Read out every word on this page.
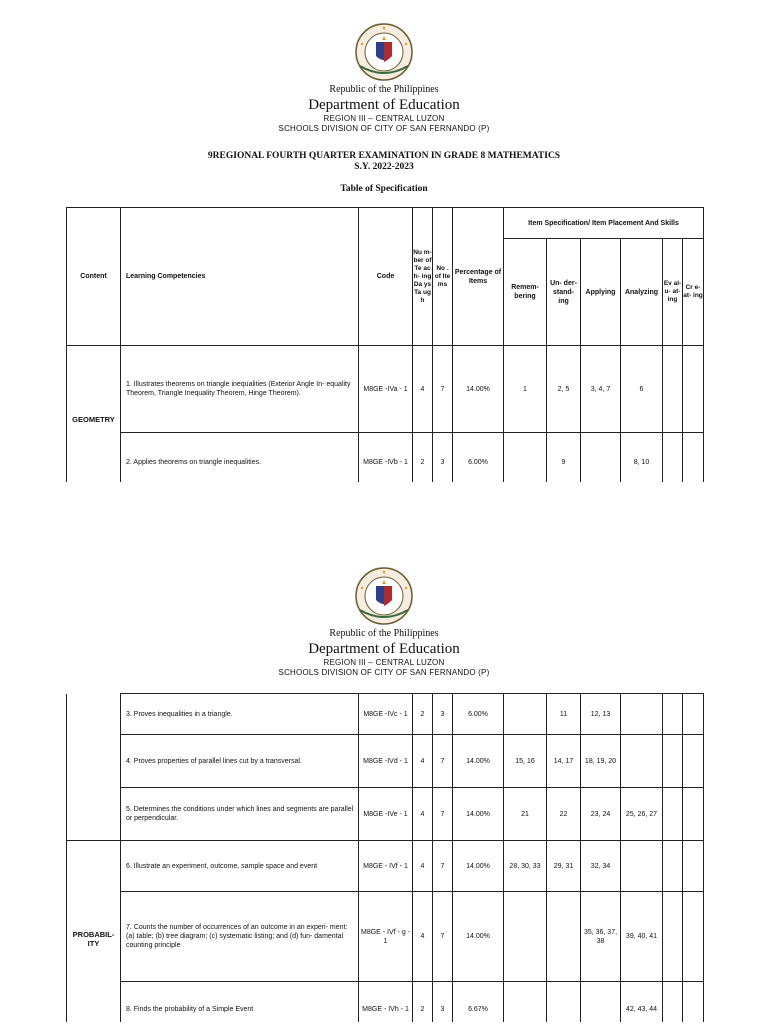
Republic of the Philippines
Department of Education
REGION III – CENTRAL LUZON
SCHOOLS DIVISION OF CITY OF SAN FERNANDO (P)
9REGIONAL FOURTH QUARTER EXAMINATION IN GRADE 8 MATHEMATICS
S.Y. 2022-2023
Table of Specification
Content	Learning Competencies	Code	Nu m- ber of Te ac h- ing Da ys Ta ug h	No . of Ite ms	Percentage of Items	Item Specification/ Item Placement And Skills					
						Remem- bering	Un- der- stand- ing	Applying	Analyzing	Ev al- u- at- ing	Cr e- at- ing
GEOMETRY	1. Illustrates theorems on triangle inequalities (Exterior Angle In- equality Theorem, Triangle Inequality Theorem, Hinge Theorem).	M8GE -IVa - 1	4	7	14.00%	1	2, 5	3, 4, 7	6		
	2. Applies theorems on triangle inequalities.	M8GE -IVb - 1	2	3	6.00%		9		8, 10		
Republic of the Philippines
Department of Education
REGION III – CENTRAL LUZON
SCHOOLS DIVISION OF CITY OF SAN FERNANDO (P)
	3. Proves inequalities in a triangle.	M8GE -IVc - 1	2	3	6.00%		11	12, 13			
	4. Proves properties of parallel lines cut by a transversal.	M8GE -IVd - 1	4	7	14.00%	15, 16	14, 17	18, 19, 20			
	5. Determines the conditions under which lines and segments are parallel or perpendicular.	M8GE -IVe - 1	4	7	14.00%	21	22	23, 24	25, 26, 27		
PROBABIL- ITY	6. Illustrate an experiment, outcome, sample space and event	M8GE - IVf - 1	4	7	14.00%	28, 30, 33	29, 31	32, 34			
	7. Counts the number of occurrences of an outcome in an experi- ment: (a) table; (b) tree diagram; (c) systematic listing; and (d) fun- damental counting principle	M8GE - IVf - g - 1	4	7	14.00%			35, 36, 37, 38	39, 40, 41		
	8. Finds the probability of a Simple Event	M8GE - IVh - 1	2	3	6.67%				42, 43, 44		
